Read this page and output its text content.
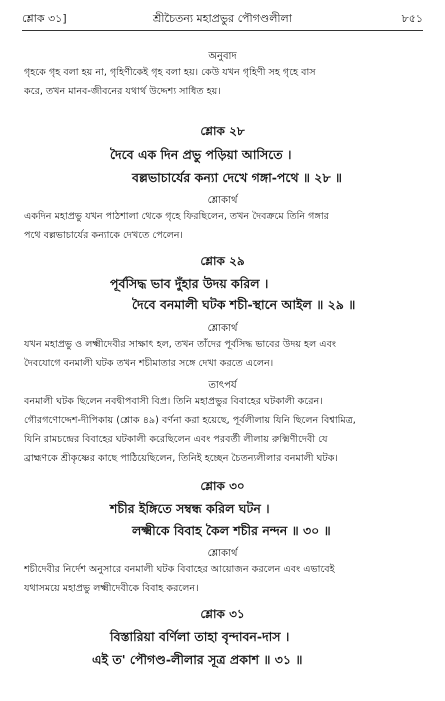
শ্লোক ৩১]	শ্রীচৈতন্য মহাপ্রভুর পৌগণ্ডলীলা	৮৫১
অনুবাদ
গৃহকে গৃহ বলা হয় না, গৃহিণীকেই গৃহ বলা হয়। কেউ যখন গৃহিণী সহ গৃহে বাস
করে, তখন মানব-জীবনের যথার্থ উদ্দেশ্য সাধিত হয়।
শ্লোক ২৮
দৈবে এক দিন প্রভু পড়িয়া আসিতে ।
বল্লভাচার্যের কন্যা দেখে গঙ্গা-পথে ॥ ২৮ ॥
শ্লোকার্থ
একদিন মহাপ্রভু যখন পাঠশালা থেকে গৃহে ফিরছিলেন, তখন দৈবক্রমে তিনি গঙ্গার
পথে বল্লভাচার্যের কন্যাকে দেখতে পেলেন।
শ্লোক ২৯
পূর্বসিদ্ধ ভাব দুঁহার উদয় করিল ।
দৈবে বনমালী ঘটক শচী-স্থানে আইল ॥ ২৯ ॥
শ্লোকার্থ
যখন মহাপ্রভু ও লক্ষ্মীদেবীর সাক্ষাৎ হল, তখন তাঁদের পূর্বসিদ্ধ ভাবের উদয় হল এবং
দৈবযোগে বনমালী ঘটক তখন শচীমাতার সঙ্গে দেখা করতে এলেন।
তাৎপর্য
বনমালী ঘটক ছিলেন নবদ্বীপবাসী বিপ্র। তিনি মহাপ্রভুর বিবাহের ঘটকালী করেন।
গৌরগণোদ্দেশ-দীপিকায় (শ্লোক ৪৯) বর্ণনা করা হয়েছে, পূর্বলীলায় যিনি ছিলেন বিশ্বামিত্র,
যিনি রামচন্দ্রের বিবাহের ঘটকালী করেছিলেন এবং পরবর্তী লীলায় রুক্মিণীদেবী যে
ব্রাহ্মণকে শ্রীকৃষ্ণের কাছে পাঠিয়েছিলেন, তিনিই হচ্ছেন চৈতন্যলীলার বনমালী ঘটক।
শ্লোক ৩০
শচীর ইঙ্গিতে সম্বন্ধ করিল ঘটন ।
লক্ষ্মীকে বিবাহ কৈল শচীর নন্দন ॥ ৩০ ॥
শ্লোকার্থ
শচীদেবীর নির্দেশ অনুসারে বনমালী ঘটক বিবাহের আয়োজন করলেন এবং এভাবেই
যথাসময়ে মহাপ্রভু লক্ষ্মীদেবীকে বিবাহ করলেন।
শ্লোক ৩১
বিস্তারিয়া বর্ণিলা তাহা বৃন্দাবন-দাস ।
এই ত' পৌগণ্ড-লীলার সূত্র প্রকাশ ॥ ৩১ ॥
